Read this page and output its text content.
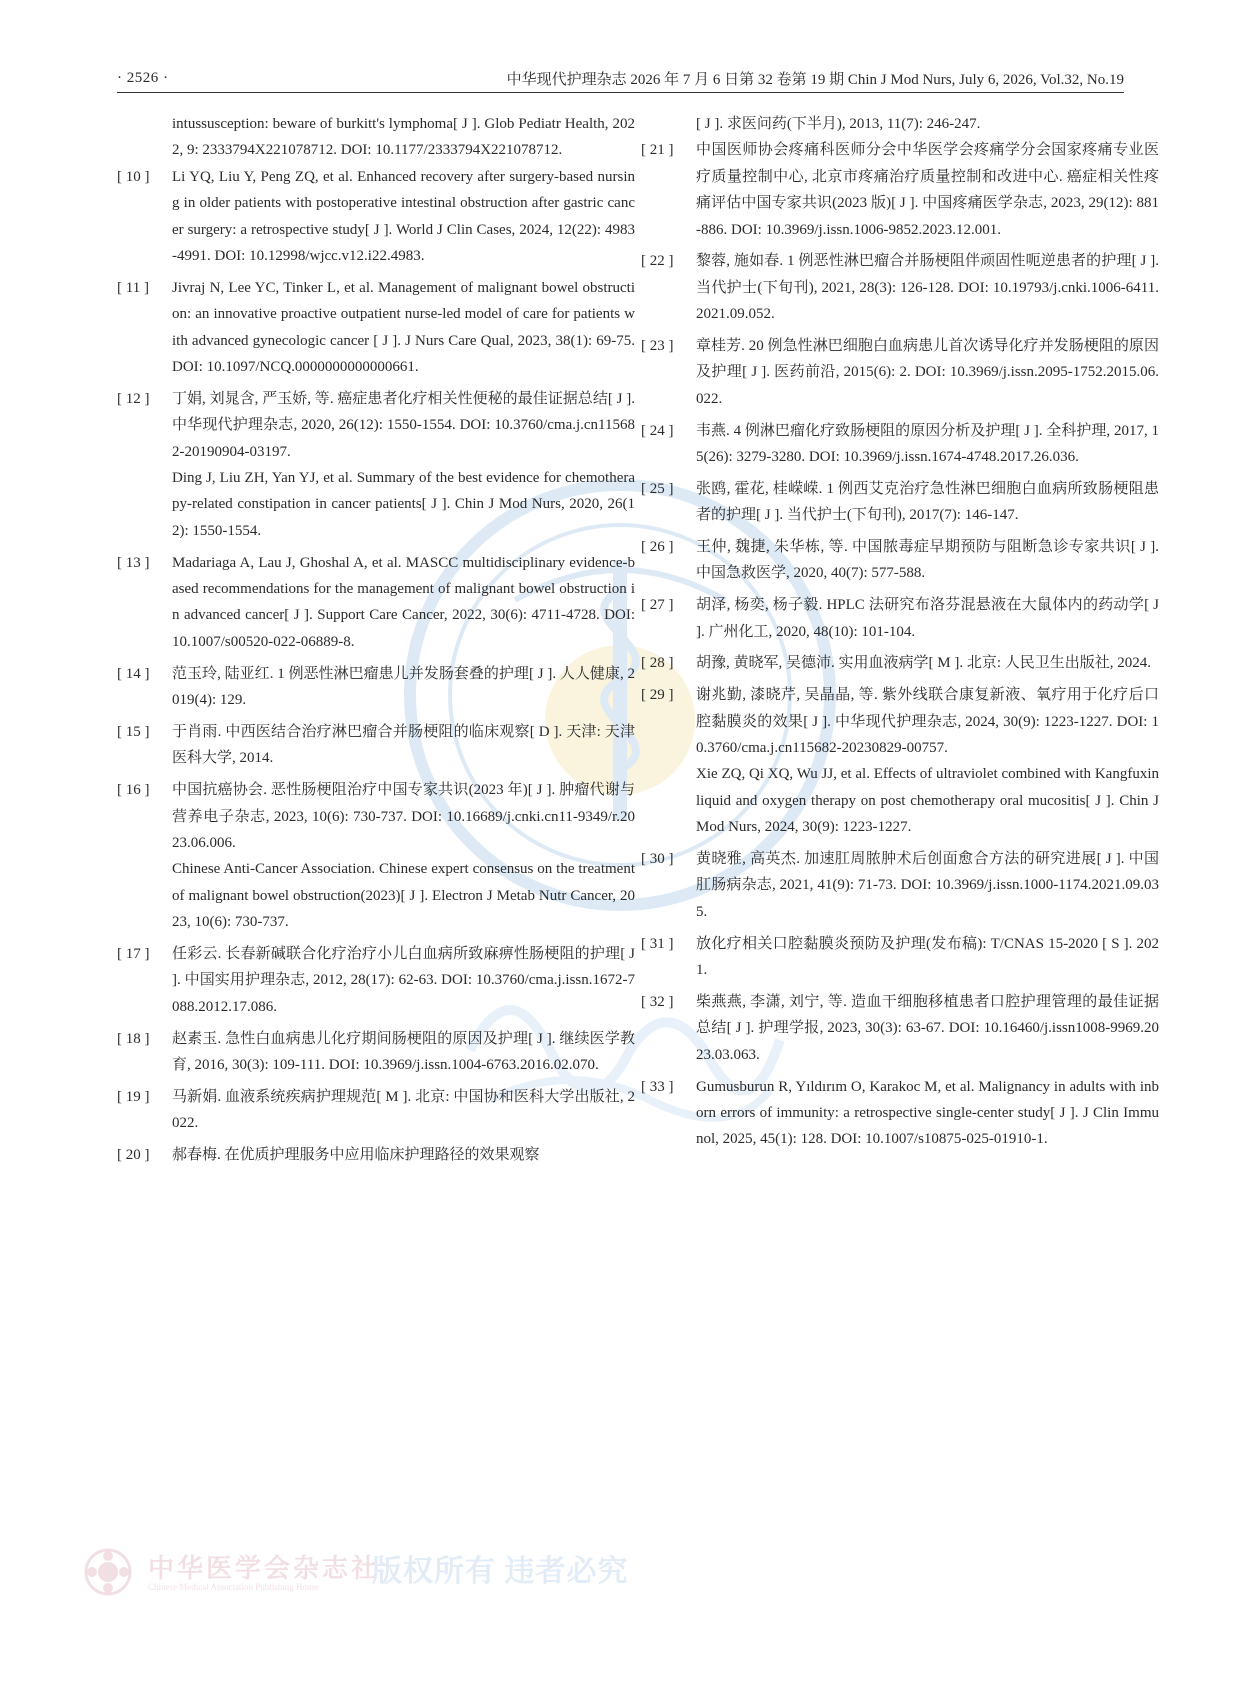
· 2526 ·	中华现代护理杂志 2026 年 7 月 6 日第 32 卷第 19 期 Chin J Mod Nurs, July 6, 2026, Vol.32, No.19
intussusception: beware of burkitt's lymphoma[ J ]. Glob Pediatr Health, 2022, 9: 2333794X221078712. DOI: 10.1177/2333794X221078712.
[ 10 ] Li YQ, Liu Y, Peng ZQ, et al. Enhanced recovery after surgery-based nursing in older patients with postoperative intestinal obstruction after gastric cancer surgery: a retrospective study[ J ]. World J Clin Cases, 2024, 12(22): 4983-4991. DOI: 10.12998/wjcc.v12.i22.4983.
[ 11 ] Jivraj N, Lee YC, Tinker L, et al. Management of malignant bowel obstruction: an innovative proactive outpatient nurse-led model of care for patients with advanced gynecologic cancer [ J ]. J Nurs Care Qual, 2023, 38(1): 69-75. DOI: 10.1097/NCQ.0000000000000661.
[ 12 ] 丁娟, 刘晁含, 严玉娇, 等. 癌症患者化疗相关性便秘的最佳证据总结[ J ]. 中华现代护理杂志, 2020, 26(12): 1550-1554. DOI: 10.3760/cma.j.cn115682-20190904-03197.
Ding J, Liu ZH, Yan YJ, et al. Summary of the best evidence for chemotherapy-related constipation in cancer patients[ J ]. Chin J Mod Nurs, 2020, 26(12): 1550-1554.
[ 13 ] Madariaga A, Lau J, Ghoshal A, et al. MASCC multidisciplinary evidence-based recommendations for the management of malignant bowel obstruction in advanced cancer[ J ]. Support Care Cancer, 2022, 30(6): 4711-4728. DOI: 10.1007/s00520-022-06889-8.
[ 14 ] 范玉玲, 陆亚红. 1 例恶性淋巴瘤患儿并发肠套叠的护理[ J ]. 人人健康, 2019(4): 129.
[ 15 ] 于肖雨. 中西医结合治疗淋巴瘤合并肠梗阻的临床观察[ D ]. 天津: 天津医科大学, 2014.
[ 16 ] 中国抗癌协会. 恶性肠梗阻治疗中国专家共识(2023 年)[ J ]. 肿瘤代谢与营养电子杂志, 2023, 10(6): 730-737. DOI: 10.16689/j.cnki.cn11-9349/r.2023.06.006.
Chinese Anti-Cancer Association. Chinese expert consensus on the treatment of malignant bowel obstruction(2023)[ J ]. Electron J Metab Nutr Cancer, 2023, 10(6): 730-737.
[ 17 ] 任彩云. 长春新碱联合化疗治疗小儿白血病所致麻痹性肠梗阻的护理[ J ]. 中国实用护理杂志, 2012, 28(17): 62-63. DOI: 10.3760/cma.j.issn.1672-7088.2012.17.086.
[ 18 ] 赵素玉. 急性白血病患儿化疗期间肠梗阻的原因及护理[ J ]. 继续医学教育, 2016, 30(3): 109-111. DOI: 10.3969/j.issn.1004-6763.2016.02.070.
[ 19 ] 马新娟. 血液系统疾病护理规范[ M ]. 北京: 中国协和医科大学出版社, 2022.
[ 20 ] 郝春梅. 在优质护理服务中应用临床护理路径的效果观察
[ J ]. 求医问药(下半月), 2013, 11(7): 246-247.
[ 21 ] 中国医师协会疼痛科医师分会中华医学会疼痛学分会国家疼痛专业医疗质量控制中心, 北京市疼痛治疗质量控制和改进中心. 癌症相关性疼痛评估中国专家共识(2023 版)[ J ]. 中国疼痛医学杂志, 2023, 29(12): 881-886. DOI: 10.3969/j.issn.1006-9852.2023.12.001.
[ 22 ] 黎蓉, 施如春. 1 例恶性淋巴瘤合并肠梗阻伴顽固性呃逆患者的护理[ J ]. 当代护士(下旬刊), 2021, 28(3): 126-128. DOI: 10.19793/j.cnki.1006-6411.2021.09.052.
[ 23 ] 章桂芳. 20 例急性淋巴细胞白血病患儿首次诱导化疗并发肠梗阻的原因及护理[ J ]. 医药前沿, 2015(6): 2. DOI: 10.3969/j.issn.2095-1752.2015.06.022.
[ 24 ] 韦燕. 4 例淋巴瘤化疗致肠梗阻的原因分析及护理[ J ]. 全科护理, 2017, 15(26): 3279-3280. DOI: 10.3969/j.issn.1674-4748.2017.26.036.
[ 25 ] 张鸥, 霍花, 桂嵘嵘. 1 例西艾克治疗急性淋巴细胞白血病所致肠梗阻患者的护理[ J ]. 当代护士(下旬刊), 2017(7): 146-147.
[ 26 ] 王仲, 魏捷, 朱华栋, 等. 中国脓毒症早期预防与阻断急诊专家共识[ J ]. 中国急救医学, 2020, 40(7): 577-588.
[ 27 ] 胡泽, 杨奕, 杨子毅. HPLC 法研究布洛芬混悬液在大鼠体内的药动学[ J ]. 广州化工, 2020, 48(10): 101-104.
[ 28 ] 胡豫, 黄晓军, 吴德沛. 实用血液病学[ M ]. 北京: 人民卫生出版社, 2024.
[ 29 ] 谢兆勤, 漆晓芹, 吴晶晶, 等. 紫外线联合康复新液、氧疗用于化疗后口腔黏膜炎的效果[ J ]. 中华现代护理杂志, 2024, 30(9): 1223-1227. DOI: 10.3760/cma.j.cn115682-20230829-00757.
Xie ZQ, Qi XQ, Wu JJ, et al. Effects of ultraviolet combined with Kangfuxin liquid and oxygen therapy on post chemotherapy oral mucositis[ J ]. Chin J Mod Nurs, 2024, 30(9): 1223-1227.
[ 30 ] 黄晓雅, 高英杰. 加速肛周脓肿术后创面愈合方法的研究进展[ J ]. 中国肛肠病杂志, 2021, 41(9): 71-73. DOI: 10.3969/j.issn.1000-1174.2021.09.035.
[ 31 ] 放化疗相关口腔黏膜炎预防及护理(发布稿): T/CNAS 15-2020 [ S ]. 2021.
[ 32 ] 柴燕燕, 李潇, 刘宁, 等. 造血干细胞移植患者口腔护理管理的最佳证据总结[ J ]. 护理学报, 2023, 30(3): 63-67. DOI: 10.16460/j.issn1008-9969.2023.03.063.
[ 33 ] Gumusburun R, Yıldırım O, Karakoc M, et al. Malignancy in adults with inborn errors of immunity: a retrospective single-center study[ J ]. J Clin Immunol, 2025, 45(1): 128. DOI: 10.1007/s10875-025-01910-1.
中华医学会杂志社
Chinese Medical Association Publishing House 版权所有 违者必究
